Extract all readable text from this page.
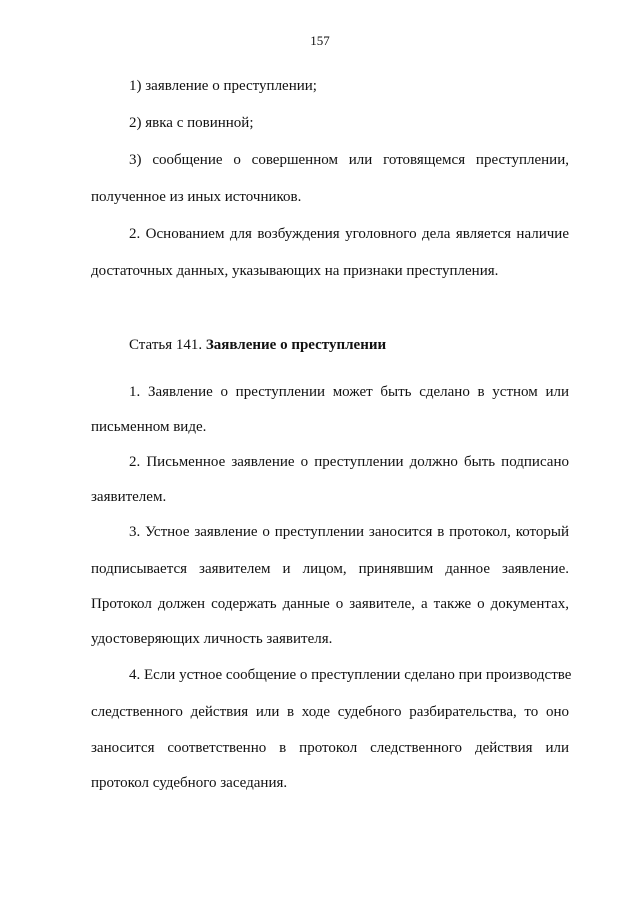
157
1) заявление о преступлении;
2) явка с повинной;
3) сообщение о совершенном или готовящемся преступлении,
полученное из иных источников.
2. Основанием для возбуждения уголовного дела является наличие
достаточных данных, указывающих на признаки преступления.
Статья 141. Заявление о преступлении
1. Заявление о преступлении может быть сделано в устном или
письменном виде.
2. Письменное заявление о преступлении должно быть подписано
заявителем.
3. Устное заявление о преступлении заносится в протокол, который
подписывается заявителем и лицом, принявшим данное заявление.
Протокол должен содержать данные о заявителе, а также о документах,
удостоверяющих личность заявителя.
4. Если устное сообщение о преступлении сделано при производстве
следственного действия или в ходе судебного разбирательства, то оно
заносится соответственно в протокол следственного действия или
протокол судебного заседания.
